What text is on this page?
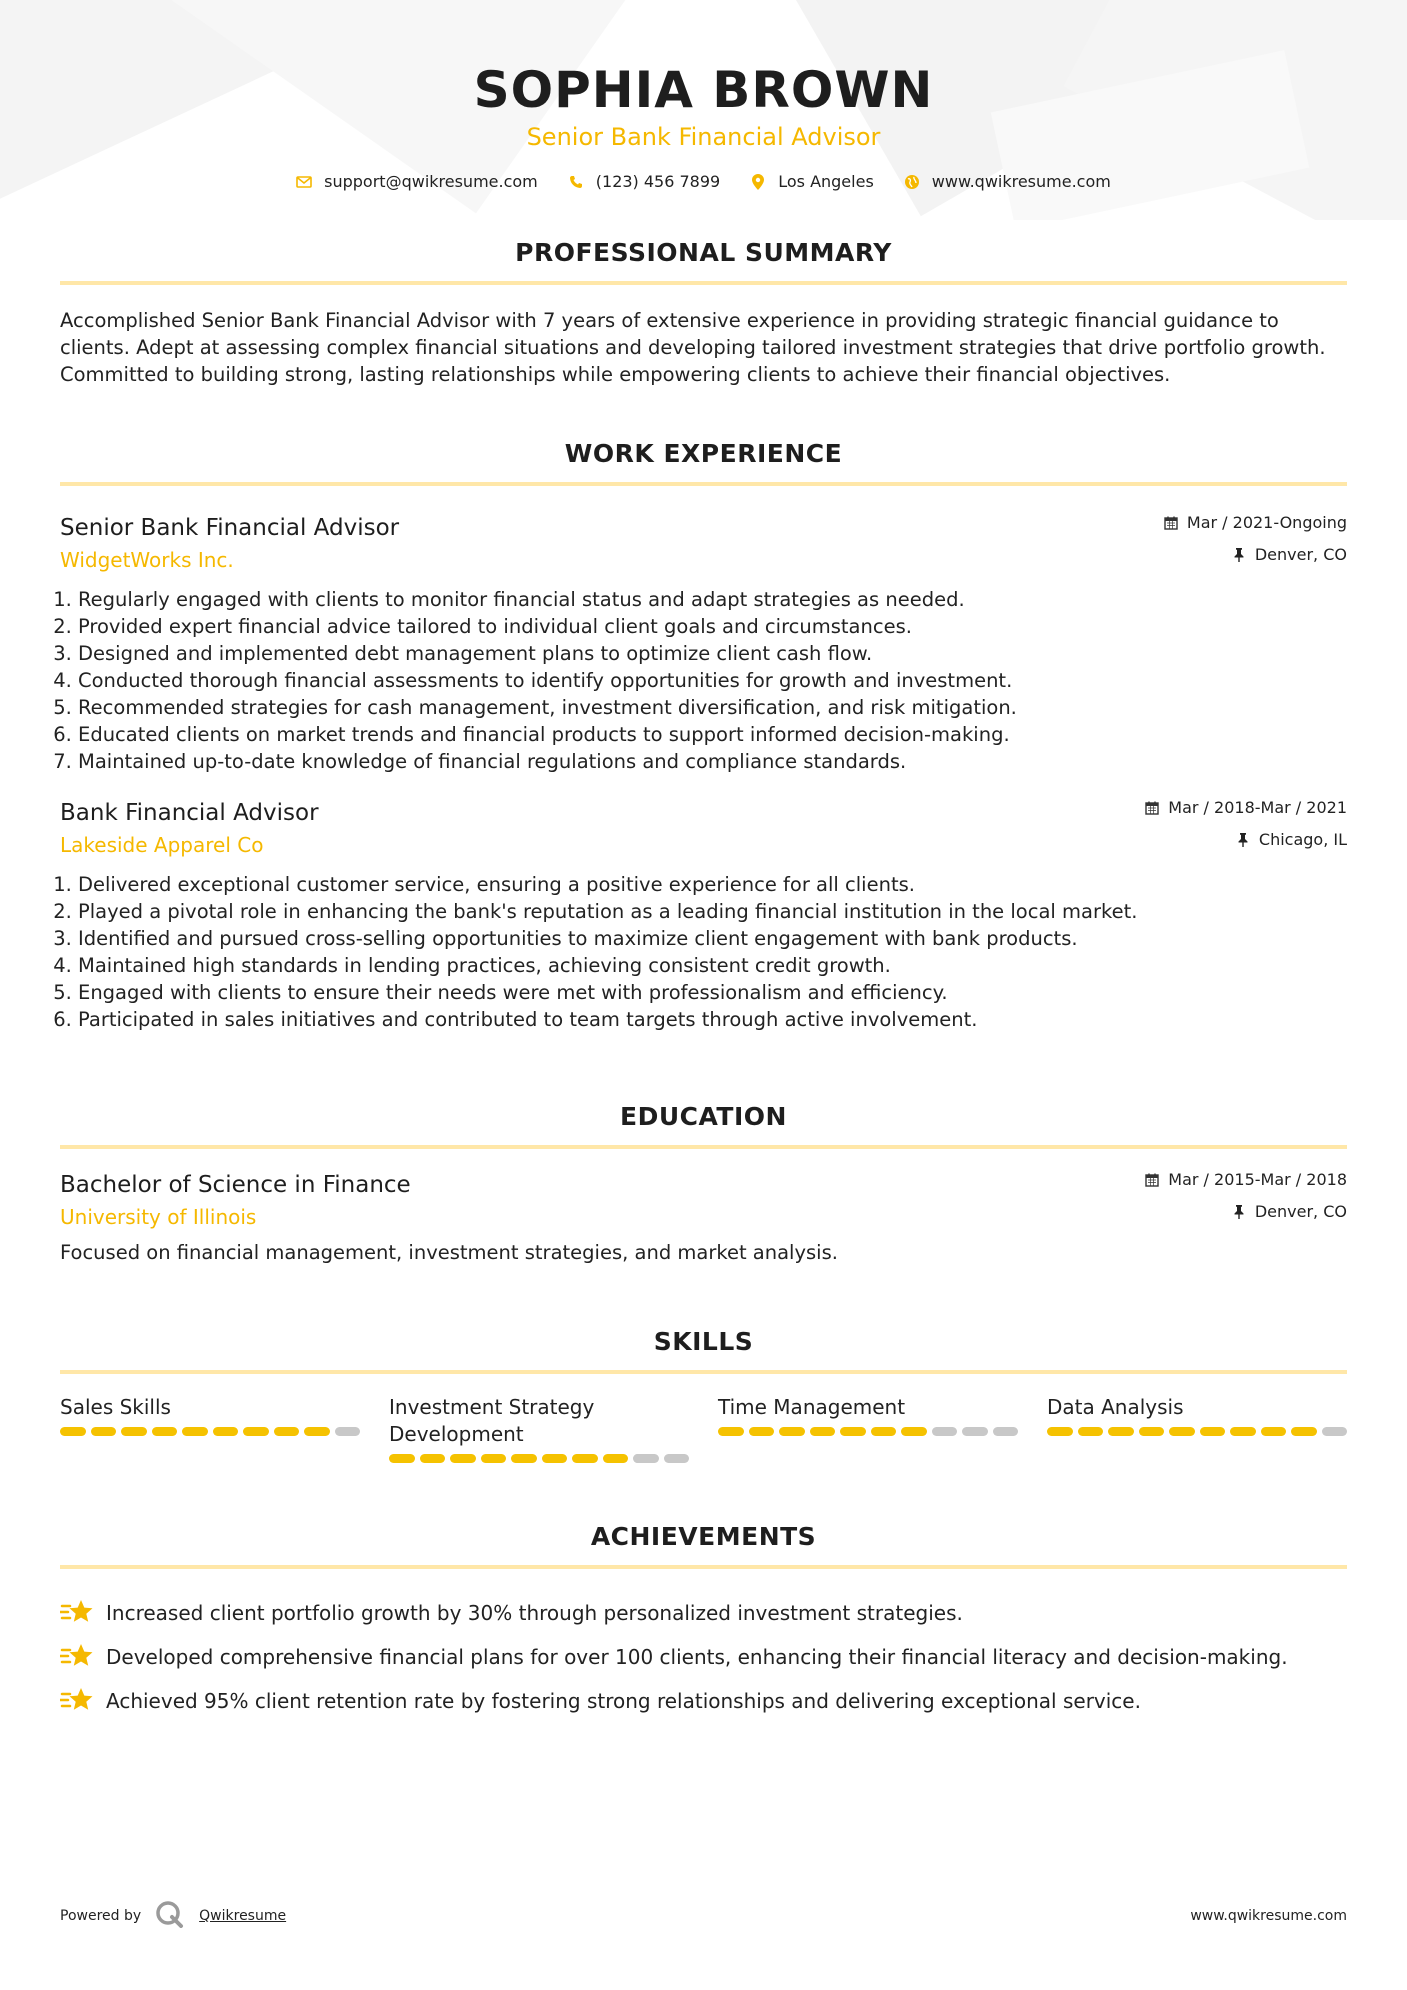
SOPHIA BROWN
Senior Bank Financial Advisor
support@qwikresume.com	(123) 456 7899	Los Angeles	www.qwikresume.com
PROFESSIONAL SUMMARY
Accomplished Senior Bank Financial Advisor with 7 years of extensive experience in providing strategic financial guidance to clients. Adept at assessing complex financial situations and developing tailored investment strategies that drive portfolio growth. Committed to building strong, lasting relationships while empowering clients to achieve their financial objectives.
WORK EXPERIENCE
Senior Bank Financial Advisor
WidgetWorks Inc.
Mar / 2021-Ongoing
Denver, CO
1. Regularly engaged with clients to monitor financial status and adapt strategies as needed.
2. Provided expert financial advice tailored to individual client goals and circumstances.
3. Designed and implemented debt management plans to optimize client cash flow.
4. Conducted thorough financial assessments to identify opportunities for growth and investment.
5. Recommended strategies for cash management, investment diversification, and risk mitigation.
6. Educated clients on market trends and financial products to support informed decision-making.
7. Maintained up-to-date knowledge of financial regulations and compliance standards.
Bank Financial Advisor
Lakeside Apparel Co
Mar / 2018-Mar / 2021
Chicago, IL
1. Delivered exceptional customer service, ensuring a positive experience for all clients.
2. Played a pivotal role in enhancing the bank's reputation as a leading financial institution in the local market.
3. Identified and pursued cross-selling opportunities to maximize client engagement with bank products.
4. Maintained high standards in lending practices, achieving consistent credit growth.
5. Engaged with clients to ensure their needs were met with professionalism and efficiency.
6. Participated in sales initiatives and contributed to team targets through active involvement.
EDUCATION
Bachelor of Science in Finance
University of Illinois
Mar / 2015-Mar / 2018
Denver, CO
Focused on financial management, investment strategies, and market analysis.
SKILLS
Sales Skills	Investment Strategy Development
Time Management	Data Analysis
ACHIEVEMENTS
Increased client portfolio growth by 30% through personalized investment strategies.
Developed comprehensive financial plans for over 100 clients, enhancing their financial literacy and decision-making.
Achieved 95% client retention rate by fostering strong relationships and delivering exceptional service.
Powered by	Qwikresume	www.qwikresume.com
